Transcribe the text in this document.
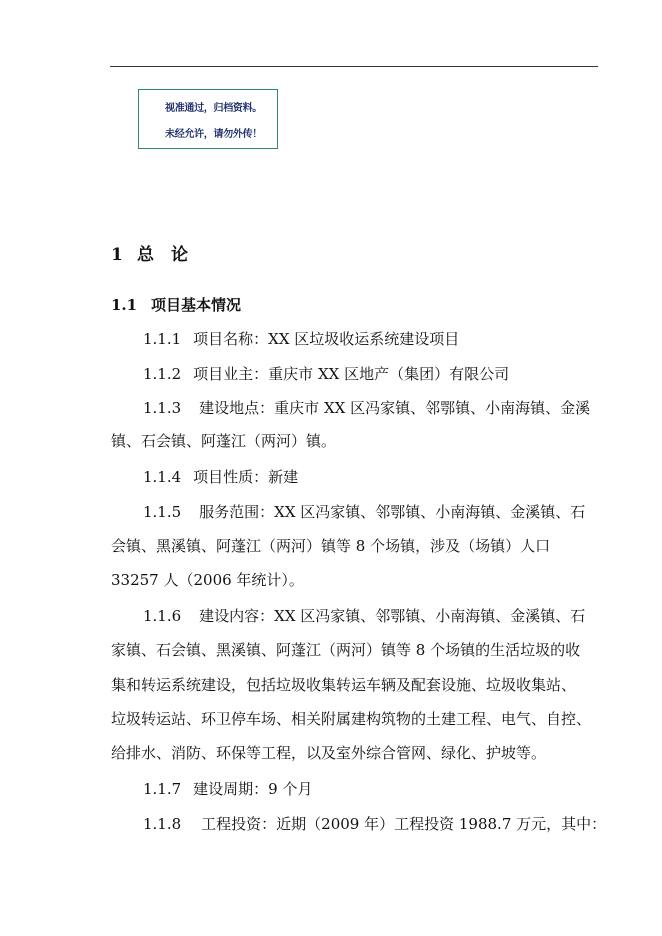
视准通过，归档资料。
未经允许，请勿外传！
1 总　论
1.1 项目基本情况
1.1.1 项目名称：XX 区垃圾收运系统建设项目
1.1.2 项目业主：重庆市 XX 区地产（集团）有限公司
1.1.3 建设地点：重庆市 XX 区冯家镇、邻鄂镇、小南海镇、金溪
镇、石会镇、阿蓬江（两河）镇。
1.1.4 项目性质：新建
1.1.5 服务范围：XX 区冯家镇、邻鄂镇、小南海镇、金溪镇、石
会镇、黑溪镇、阿蓬江（两河）镇等 8 个场镇，涉及（场镇）人口
33257 人（2006 年统计）。
1.1.6 建设内容：XX 区冯家镇、邻鄂镇、小南海镇、金溪镇、石
家镇、石会镇、黑溪镇、阿蓬江（两河）镇等 8 个场镇的生活垃圾的收
集和转运系统建设，包括垃圾收集转运车辆及配套设施、垃圾收集站、
垃圾转运站、环卫停车场、相关附属建构筑物的土建工程、电气、自控、
给排水、消防、环保等工程，以及室外综合管网、绿化、护坡等。
1.1.7 建设周期：9 个月
1.1.8 工程投资：近期（2009 年）工程投资 1988.7 万元，其中：
